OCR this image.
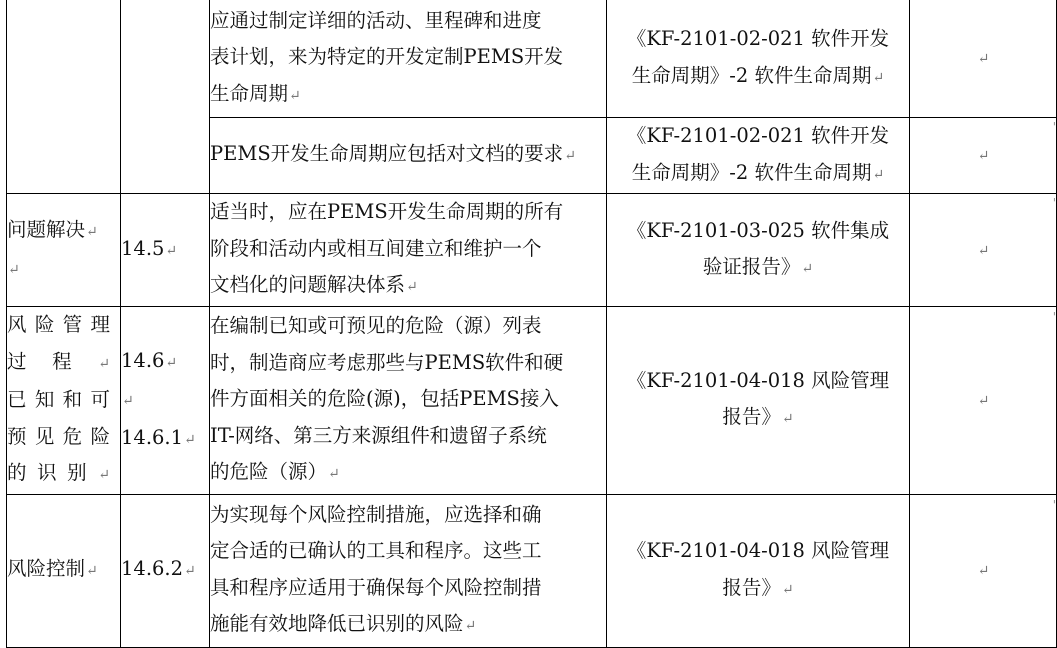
		应通过制定详细的活动、里程碑和进度
表计划，来为特定的开发定制PEMS开发
生命周期↵	《KF-2101-02-021 软件开发
生命周期》-2 软件生命周期↵	↵

		PEMS开发生命周期应包括对文档的要求↵	《KF-2101-02-021 软件开发
生命周期》-2 软件生命周期↵	↵

问题解决↵
↵	14.5↵	适当时，应在PEMS开发生命周期的所有
阶段和活动内或相互间建立和维护一个
文档化的问题解决体系↵	《KF-2101-03-025 软件集成
验证报告》↵	↵

风险管理
过程↵
已知和可
预见危险
的识别↵	14.6↵
↵
14.6.1↵	在编制已知或可预见的危险（源）列表
时，制造商应考虑那些与PEMS软件和硬
件方面相关的危险(源)，包括PEMS接入
IT-网络、第三方来源组件和遗留子系统
的危险（源）↵	《KF-2101-04-018 风险管理
报告》↵	↵

风险控制↵	14.6.2↵	为实现每个风险控制措施，应选择和确
定合适的已确认的工具和程序。这些工
具和程序应适用于确保每个风险控制措
施能有效地降低已识别的风险↵	《KF-2101-04-018 风险管理
报告》↵	↵
'
'
'
'
